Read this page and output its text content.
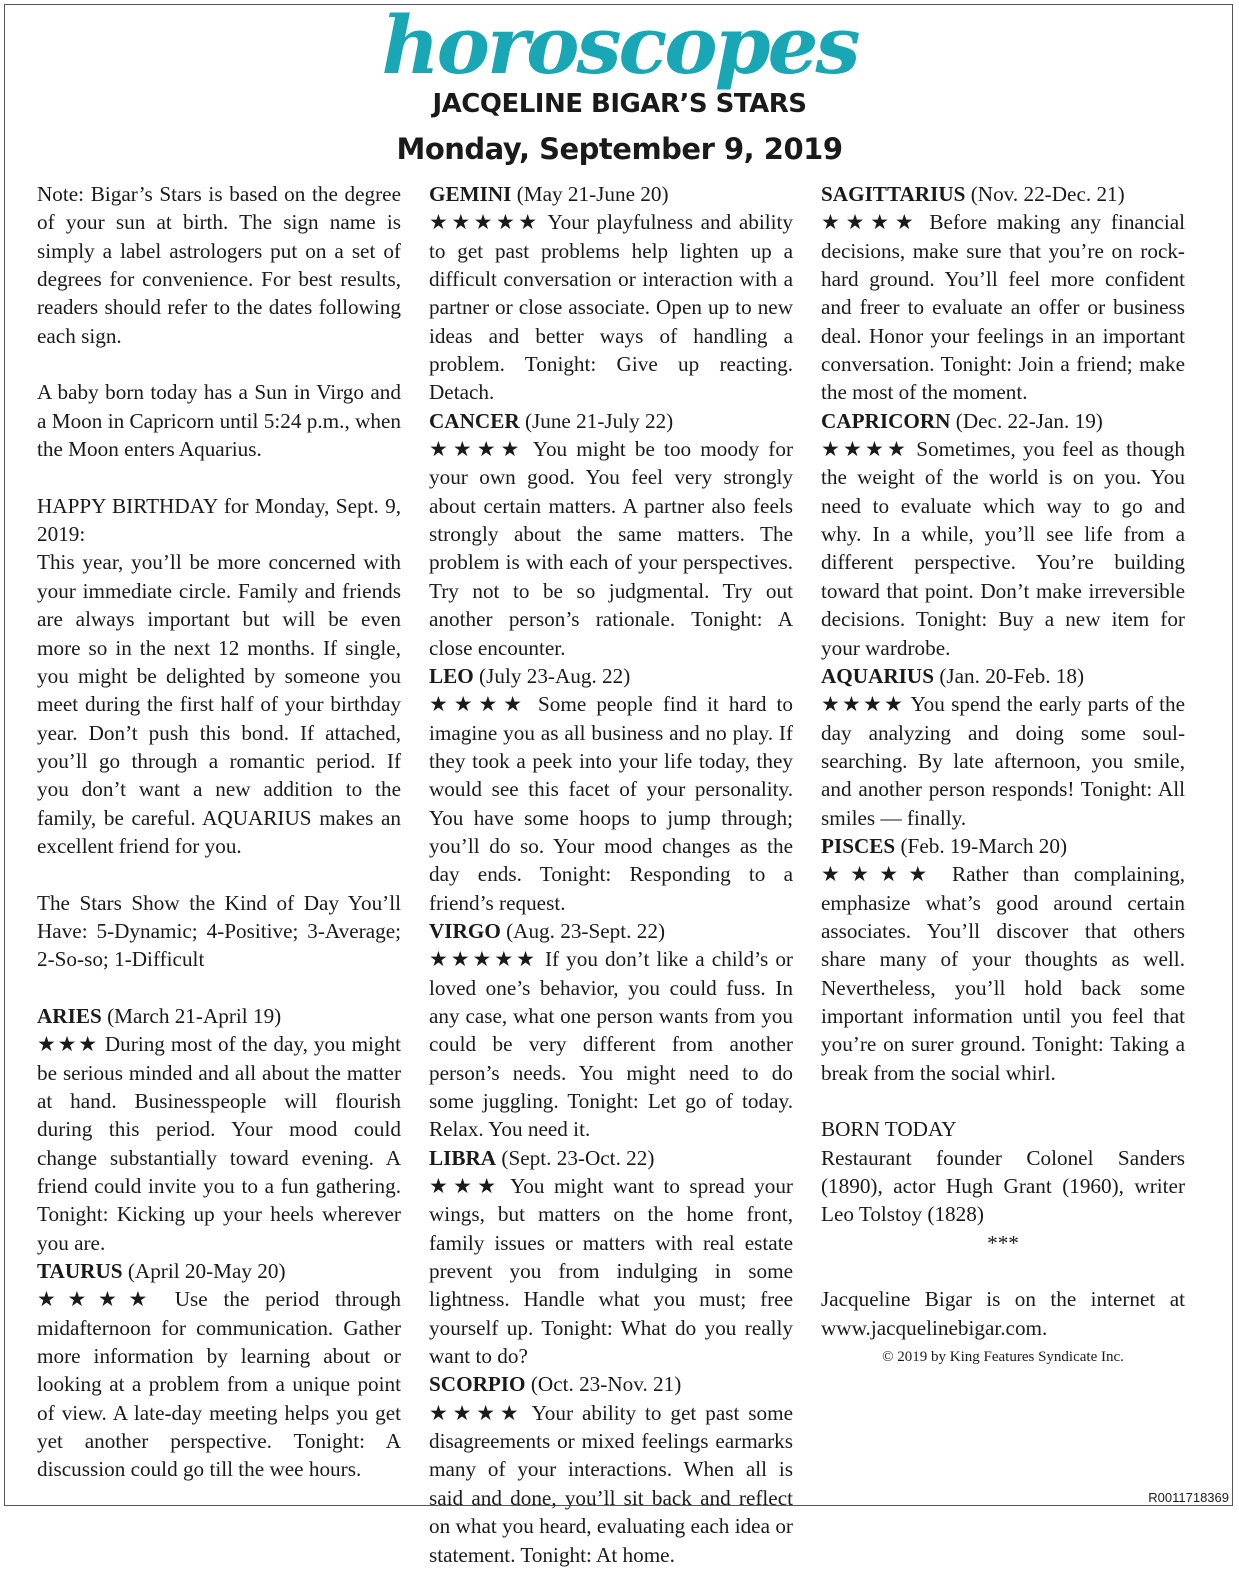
horoscopes
JACQELINE BIGAR’S STARS
Monday, September 9, 2019

Note: Bigar’s Stars is based on the degree of your sun at birth. The sign name is simply a label astrologers put on a set of degrees for convenience. For best results, readers should refer to the dates following each sign.

A baby born today has a Sun in Virgo and a Moon in Capricorn until 5:24 p.m., when the Moon enters Aquarius.

HAPPY BIRTHDAY for Monday, Sept. 9, 2019:

This year, you’ll be more concerned with your immediate circle. Family and friends are always important but will be even more so in the next 12 months. If single, you might be delighted by someone you meet during the first half of your birthday year. Don’t push this bond. If attached, you’ll go through a romantic period. If you don’t want a new addition to the family, be careful. AQUARIUS makes an excellent friend for you.

The Stars Show the Kind of Day You’ll Have: 5-Dynamic; 4-Positive; 3-Average; 2-So-so; 1-Difficult

ARIES (March 21-April 19)

★★★ During most of the day, you might be serious minded and all about the matter at hand. Businesspeople will flourish during this period. Your mood could change substantially toward evening. A friend could invite you to a fun gathering. Tonight: Kicking up your heels wherever you are.

TAURUS (April 20-May 20)

★★★★ Use the period through midafternoon for communication. Gather more information by learning about or looking at a problem from a unique point of view. A late-day meeting helps you get yet another perspective. Tonight: A discussion could go till the wee hours.

GEMINI (May 21-June 20)

★★★★★ Your playfulness and ability to get past problems help lighten up a difficult conversation or interaction with a partner or close associate. Open up to new ideas and better ways of handling a problem. Tonight: Give up reacting. Detach.

CANCER (June 21-July 22)

★★★★ You might be too moody for your own good. You feel very strongly about certain matters. A partner also feels strongly about the same matters. The problem is with each of your perspectives. Try not to be so judgmental. Try out another person’s rationale. Tonight: A close encounter.

LEO (July 23-Aug. 22)

★★★★ Some people find it hard to imagine you as all business and no play. If they took a peek into your life today, they would see this facet of your personality. You have some hoops to jump through; you’ll do so. Your mood changes as the day ends. Tonight: Responding to a friend’s request.

VIRGO (Aug. 23-Sept. 22)

★★★★★ If you don’t like a child’s or loved one’s behavior, you could fuss. In any case, what one person wants from you could be very different from another person’s needs. You might need to do some juggling. Tonight: Let go of today. Relax. You need it.

LIBRA (Sept. 23-Oct. 22)

★★★ You might want to spread your wings, but matters on the home front, family issues or matters with real estate prevent you from indulging in some lightness. Handle what you must; free yourself up. Tonight: What do you really want to do?

SCORPIO (Oct. 23-Nov. 21)

★★★★ Your ability to get past some disagreements or mixed feelings earmarks many of your interactions. When all is said and done, you’ll sit back and reflect on what you heard, evaluating each idea or statement. Tonight: At home.

SAGITTARIUS (Nov. 22-Dec. 21)

★★★★ Before making any financial decisions, make sure that you’re on rock-hard ground. You’ll feel more confident and freer to evaluate an offer or business deal. Honor your feelings in an important conversation. Tonight: Join a friend; make the most of the moment.

CAPRICORN (Dec. 22-Jan. 19)

★★★★ Sometimes, you feel as though the weight of the world is on you. You need to evaluate which way to go and why. In a while, you’ll see life from a different perspective. You’re building toward that point. Don’t make irreversible decisions. Tonight: Buy a new item for your wardrobe.

AQUARIUS (Jan. 20-Feb. 18)

★★★★ You spend the early parts of the day analyzing and doing some soul-searching. By late afternoon, you smile, and another person responds! Tonight: All smiles — finally.

PISCES (Feb. 19-March 20)

★★★★ Rather than complaining, emphasize what’s good around certain associates. You’ll discover that others share many of your thoughts as well. Nevertheless, you’ll hold back some important information until you feel that you’re on surer ground. Tonight: Taking a break from the social whirl.

BORN TODAY

Restaurant founder Colonel Sanders (1890), actor Hugh Grant (1960), writer Leo Tolstoy (1828)

***

Jacqueline Bigar is on the internet at www.jacquelinebigar.com.

© 2019 by King Features Syndicate Inc.

R0011718369
